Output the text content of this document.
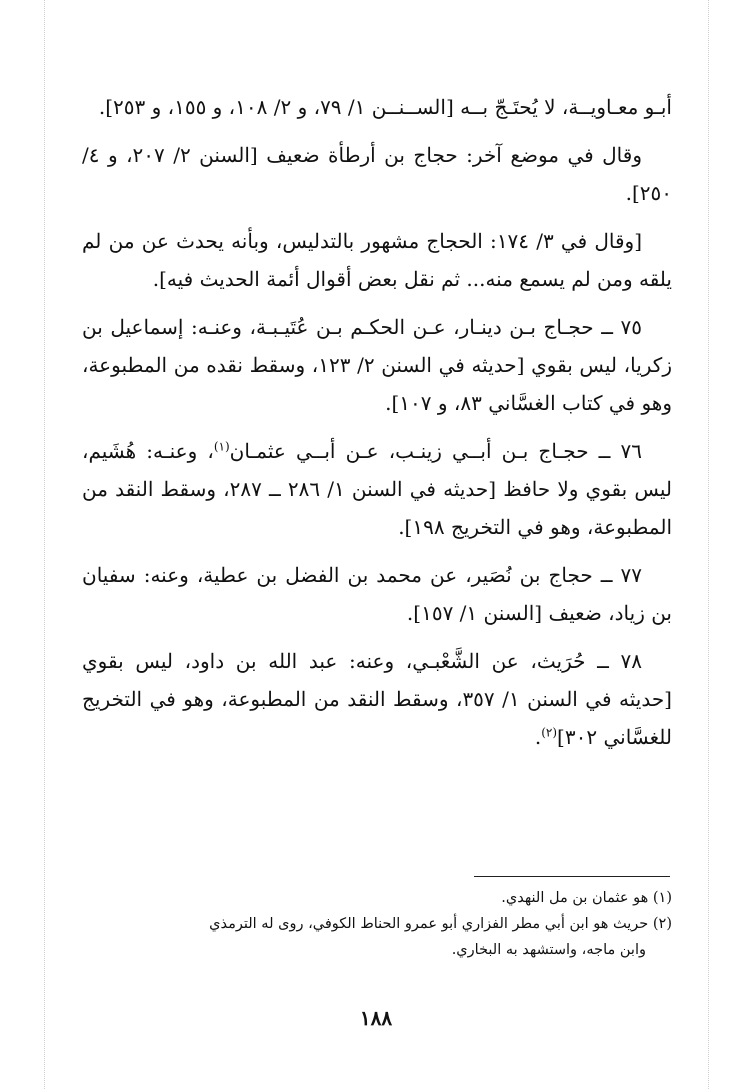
أبـو معـاويــة، لا يُحتَـجّ بــه [الســنــن ١/ ٧٩، و ٢/ ١٠٨، و ١٥٥، و ٢٥٣].

وقال في موضع آخر: حجاج بن أرطأة ضعيف [السنن ٢/ ٢٠٧، و ٤/ ٢٥٠].

[وقال في ٣/ ١٧٤: الحجاج مشهور بالتدليس، وبأنه يحدث عن من لم يلقه ومن لم يسمع منه... ثم نقل بعض أقوال أئمة الحديث فيه].

٧٥ ــ حجـاج بـن دينـار، عـن الحكـم بـن عُتَيـبـة، وعنـه: إسماعيل بن زكريا، ليس بقوي [حديثه في السنن ٢/ ١٢٣، وسقط نقده من المطبوعة، وهو في كتاب الغسَّاني ٨٣، و ١٠٧].

٧٦ ــ حجـاج بـن أبــي زينـب، عـن أبــي عثمـان$^{(١)}$، وعنـه: هُشَيم، ليس بقوي ولا حافظ [حديثه في السنن ١/ ٢٨٦ ــ ٢٨٧، وسقط النقد من المطبوعة، وهو في التخريج ١٩٨].

٧٧ ــ حجاج بن نُصَير، عن محمد بن الفضل بن عطية، وعنه: سفيان بن زياد، ضعيف [السنن ١/ ١٥٧].

٧٨ ــ حُرَيث، عن الشَّعْبـي، وعنه: عبد الله بن داود، ليس بقوي [حديثه في السنن ١/ ٣٥٧، وسقط النقد من المطبوعة، وهو في التخريج للغسَّاني ٣٠٢]$^{(٢)}$.

(١) هو عثمان بن مل النهدي.

(٢) حريث هو ابن أبي مطر الفزاري أبو عمرو الحناط الكوفي، روى له الترمذي
وابن ماجه، واستشهد به البخاري.

١٨٨
